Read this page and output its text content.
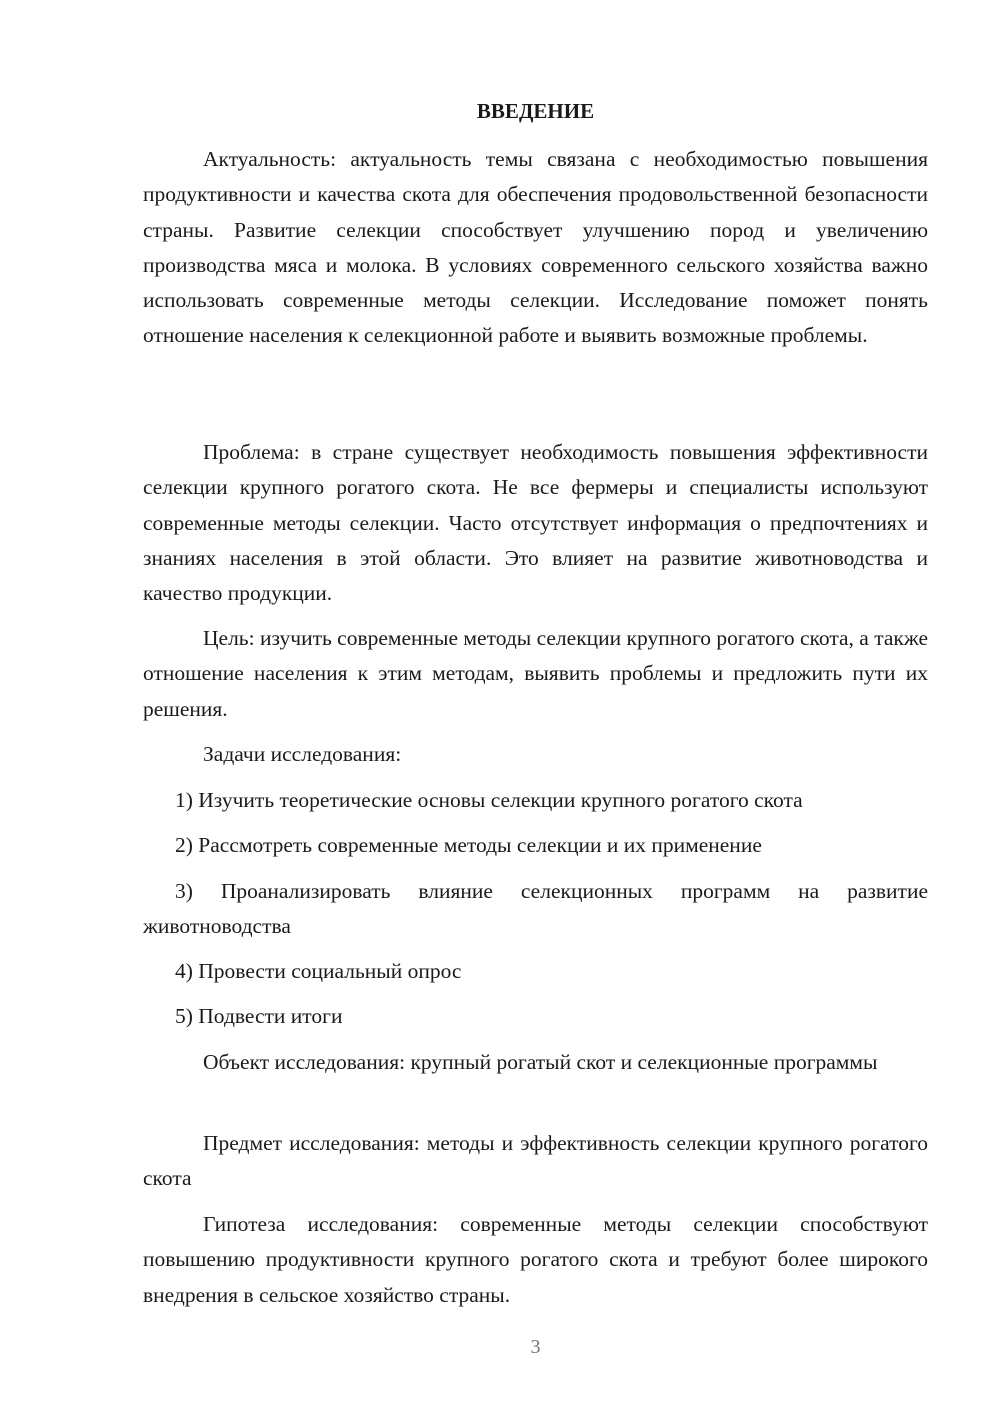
ВВЕДЕНИЕ

Актуальность: актуальность темы связана с необходимостью повышения продуктивности и качества скота для обеспечения продовольственной безопасности страны. Развитие селекции способствует улучшению пород и увеличению производства мяса и молока. В условиях современного сельского хозяйства важно использовать современные методы селекции. Исследование поможет понять отношение населения к селекционной работе и выявить возможные проблемы.

Проблема: в стране существует необходимость повышения эффективности селекции крупного рогатого скота. Не все фермеры и специалисты используют современные методы селекции. Часто отсутствует информация о предпочтениях и знаниях населения в этой области. Это влияет на развитие животноводства и качество продукции.

Цель: изучить современные методы селекции крупного рогатого скота, а также отношение населения к этим методам, выявить проблемы и предложить пути их решения.

Задачи исследования:

1) Изучить теоретические основы селекции крупного рогатого скота

2) Рассмотреть современные методы селекции и их применение

3) Проанализировать влияние селекционных программ на развитие животноводства

4) Провести социальный опрос

5) Подвести итоги

Объект исследования: крупный рогатый скот и селекционные программы

Предмет исследования: методы и эффективность селекции крупного рогатого скота

Гипотеза исследования: современные методы селекции способствуют повышению продуктивности крупного рогатого скота и требуют более широкого внедрения в сельское хозяйство страны.

3
